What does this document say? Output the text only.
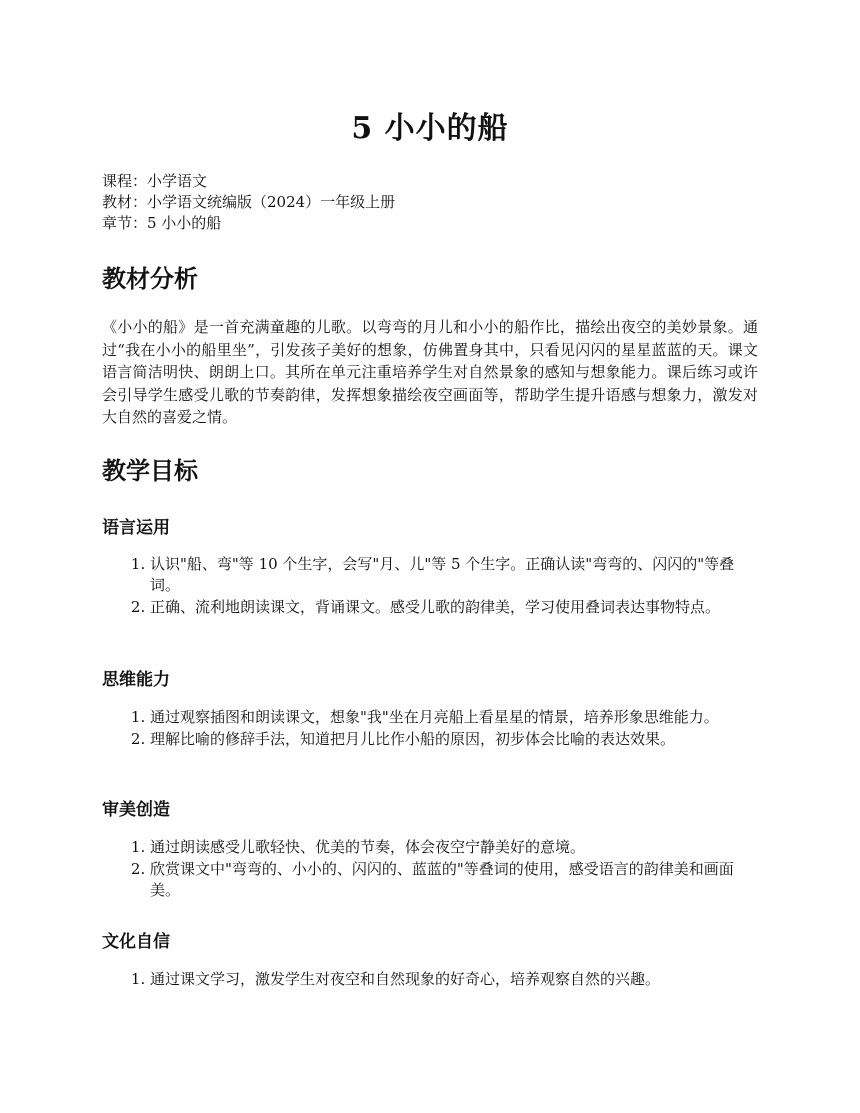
5 小小的船
课程：小学语文
教材：小学语文统编版（2024）一年级上册
章节：5 小小的船
教材分析

《小小的船》是一首充满童趣的儿歌。以弯弯的月儿和小小的船作比，描绘出夜空的美妙景象。通过“我在小小的船里坐”，引发孩子美好的想象，仿佛置身其中，只看见闪闪的星星蓝蓝的天。课文语言简洁明快、朗朗上口。其所在单元注重培养学生对自然景象的感知与想象能力。课后练习或许会引导学生感受儿歌的节奏韵律，发挥想象描绘夜空画面等，帮助学生提升语感与想象力，激发对大自然的喜爱之情。

教学目标
语言运用
1. 认识"船、弯"等 10 个生字，会写"月、儿"等 5 个生字。正确认读"弯弯的、闪闪的"等叠词。
2. 正确、流利地朗读课文，背诵课文。感受儿歌的韵律美，学习使用叠词表达事物特点。
思维能力
1. 通过观察插图和朗读课文，想象"我"坐在月亮船上看星星的情景，培养形象思维能力。
2. 理解比喻的修辞手法，知道把月儿比作小船的原因，初步体会比喻的表达效果。
审美创造
1. 通过朗读感受儿歌轻快、优美的节奏，体会夜空宁静美好的意境。
2. 欣赏课文中"弯弯的、小小的、闪闪的、蓝蓝的"等叠词的使用，感受语言的韵律美和画面美。
文化自信
1. 通过课文学习，激发学生对夜空和自然现象的好奇心，培养观察自然的兴趣。
